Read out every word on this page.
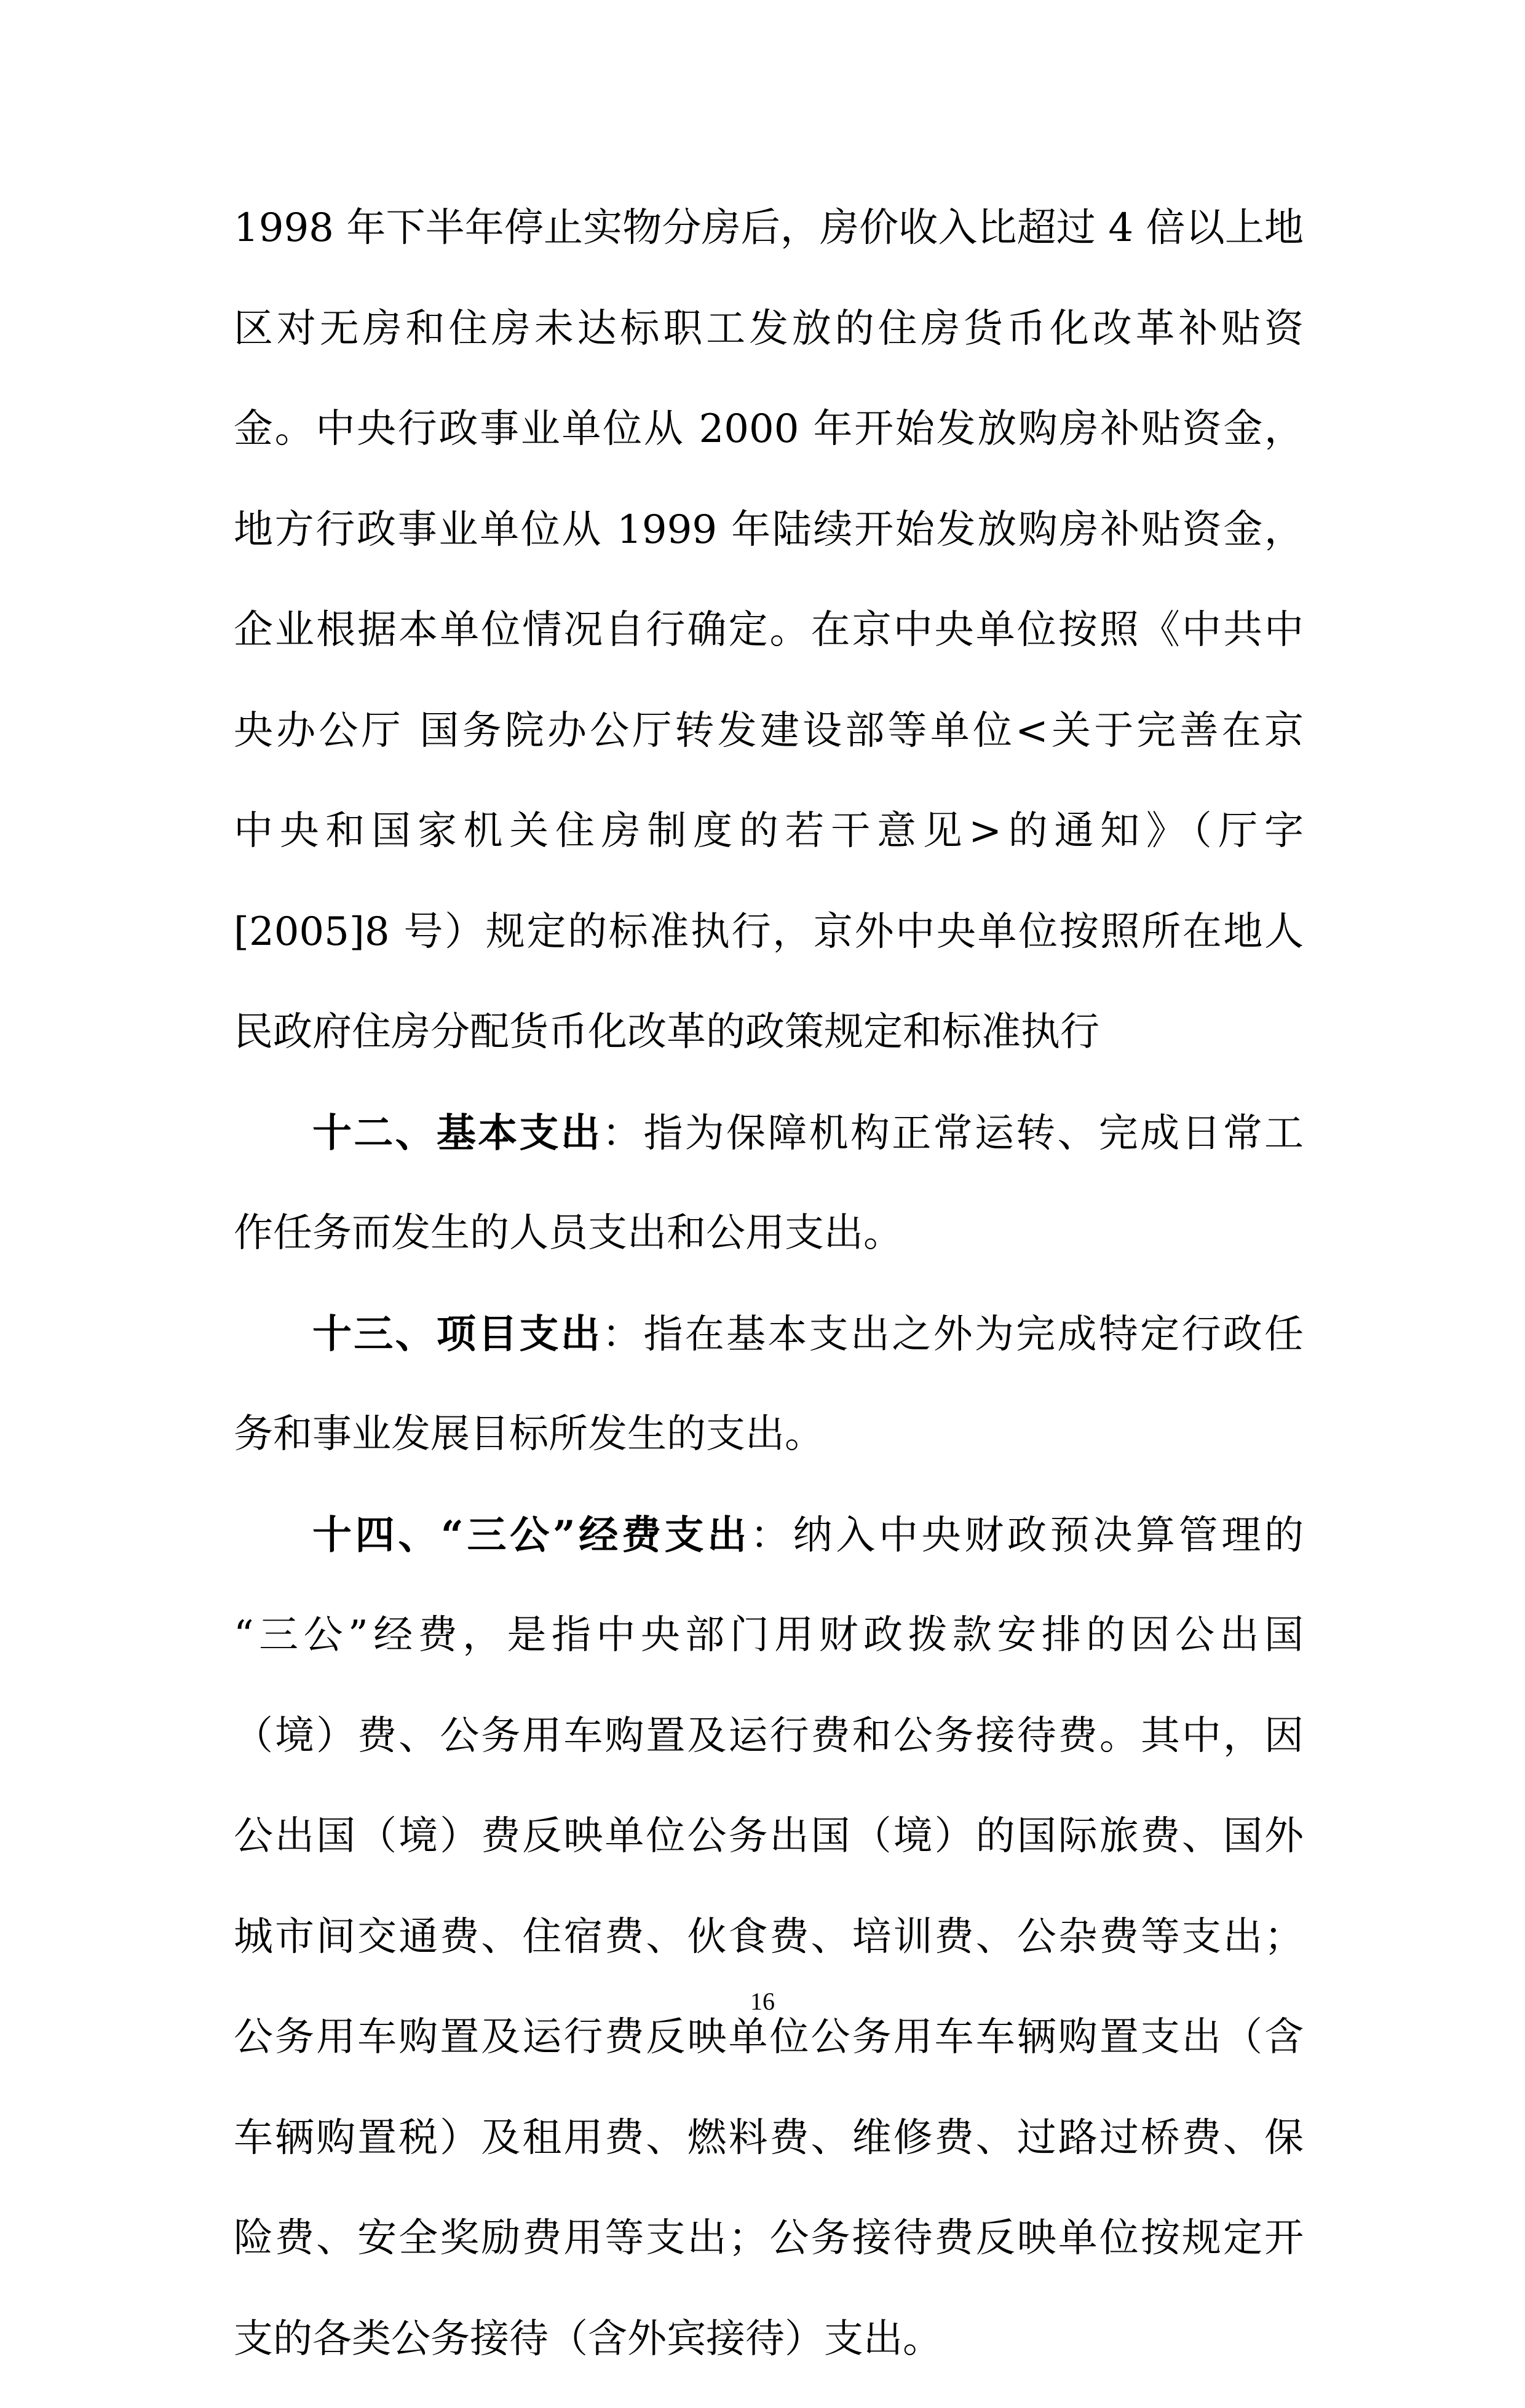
1998 年下半年停止实物分房后，房价收入比超过 4 倍以上地
区对无房和住房未达标职工发放的住房货币化改革补贴资
金。中央行政事业单位从 2000 年开始发放购房补贴资金，
地方行政事业单位从 1999 年陆续开始发放购房补贴资金，
企业根据本单位情况自行确定。在京中央单位按照《中共中
央办公厅 国务院办公厅转发建设部等单位<关于完善在京
中央和国家机关住房制度的若干意见>的通知》（厅字
[2005]8 号）规定的标准执行，京外中央单位按照所在地人
民政府住房分配货币化改革的政策规定和标准执行
十二、基本支出：指为保障机构正常运转、完成日常工
作任务而发生的人员支出和公用支出。
十三、项目支出：指在基本支出之外为完成特定行政任
务和事业发展目标所发生的支出。
十四、“三公”经费支出：纳入中央财政预决算管理的
“三公”经费，是指中央部门用财政拨款安排的因公出国
（境）费、公务用车购置及运行费和公务接待费。其中，因
公出国（境）费反映单位公务出国（境）的国际旅费、国外
城市间交通费、住宿费、伙食费、培训费、公杂费等支出；
公务用车购置及运行费反映单位公务用车车辆购置支出（含
车辆购置税）及租用费、燃料费、维修费、过路过桥费、保
险费、安全奖励费用等支出；公务接待费反映单位按规定开
支的各类公务接待（含外宾接待）支出。
16
